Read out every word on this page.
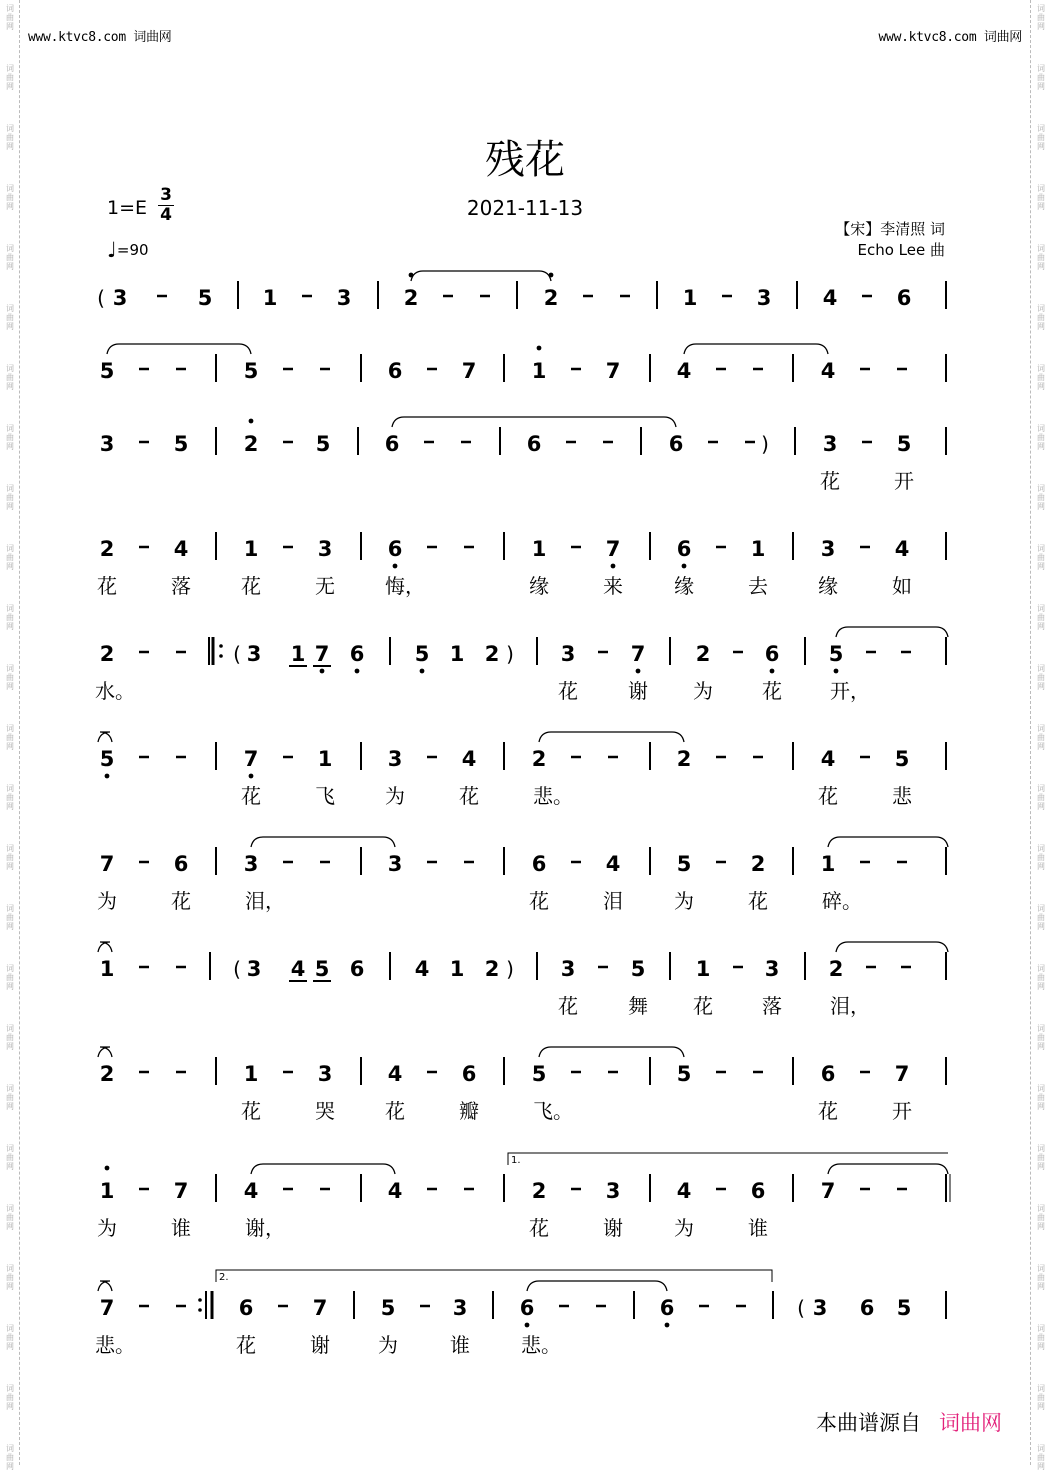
词
曲
网
词
曲
网
词
曲
网
词
曲
网
词
曲
网
词
曲
网
词
曲
网
词
曲
网
词
曲
网
词
曲
网
词
曲
网
词
曲
网
词
曲
网
词
曲
网
词
曲
网
词
曲
网
词
曲
网
词
曲
网
词
曲
网
词
曲
网
词
曲
网
词
曲
网
词
曲
网
词
曲
网
词
曲
网
词
曲
网
词
曲
网
词
曲
网
词
曲
网
词
曲
网
词
曲
网
词
曲
网
词
曲
网
词
曲
网
词
曲
网
词
曲
网
词
曲
网
词
曲
网
词
曲
网
词
曲
网
词
曲
网
词
曲
网
词
曲
网
词
曲
网
词
曲
网
词
曲
网
词
曲
网
词
曲
网
词
曲
网
词
曲
网
www.ktvc8.com 词曲网	www.ktvc8.com 词曲网
残花
2021-11-13
1=E
3
4
♩=90
【宋】李清照 词
Echo Lee 曲
( 3	5 1	3 2	2	1	3 4	6
5	5	6	7	1	7	4	4
3	5	2	5	6	6	6	)	3	5
花	开
2	4	1	3	6	1	7	6	1	3	4
花	落	花	无	悔，	缘	来	缘	去	缘	如
2	( 3 1 7 6 5 1 2 ) 3	7 2	6 5
水。	花	谢 为 花 开，
5	7	1	3	4	2	2	4	5
花	飞	为	花	悲。	花	悲
7	6	3	3	6	4	5	2	1
为	花	泪，	花	泪	为	花	碎。
1	( 3 4 5 6 4 1 2 ) 3	5 1	3 2
花	舞 花 落 泪，
2	1	3	4	6	5	5	6	7
花	哭	花	瓣	飞。	花	开
1	7	4	4	2	3	4	6	7
1.
为	谁	谢，	花	谢	为	谁
7	6	7	5	3 6	6	( 3 6 5
2.
悲。	花	谢 为	谁	悲。
本曲谱源自 词曲网
